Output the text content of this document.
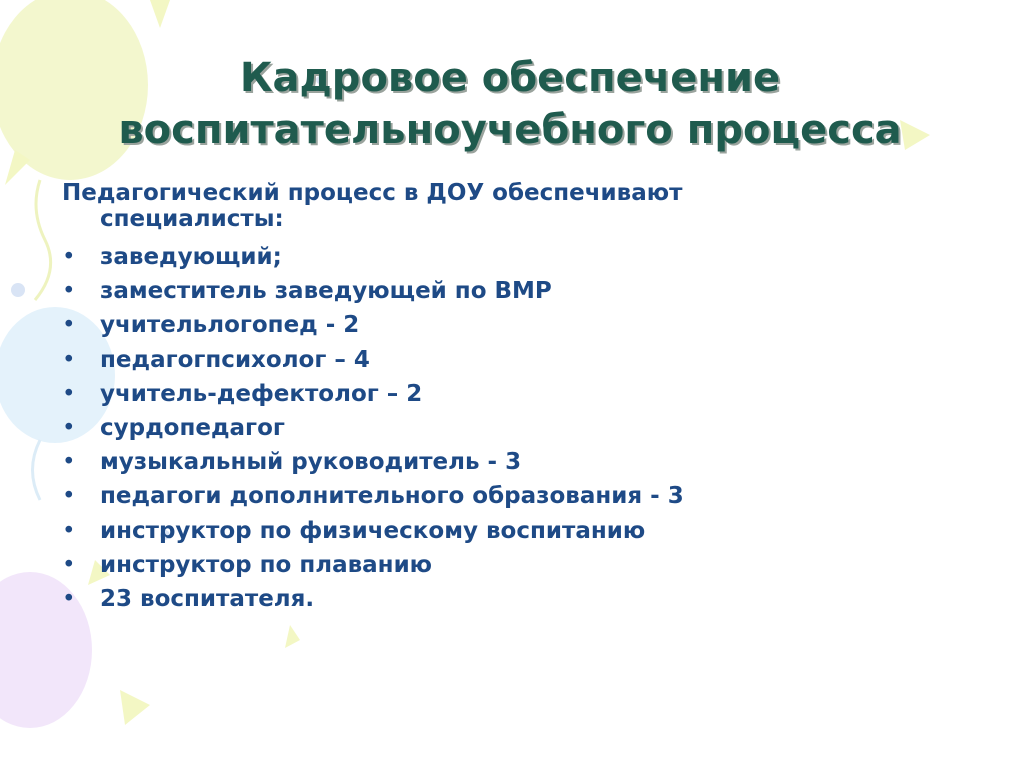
Кадровое обеспечение
воспитательноучебного процесса
Педагогический процесс в ДОУ обеспечивают
специалисты:
• заведующий;
• заместитель заведующей по ВМР
• учительлогопед - 2
• педагогпсихолог – 4
• учитель-дефектолог – 2
• сурдопедагог
• музыкальный руководитель - 3
• педагоги дополнительного образования - 3
• инструктор по физическому воспитанию
• инструктор по плаванию
• 23 воспитателя.
